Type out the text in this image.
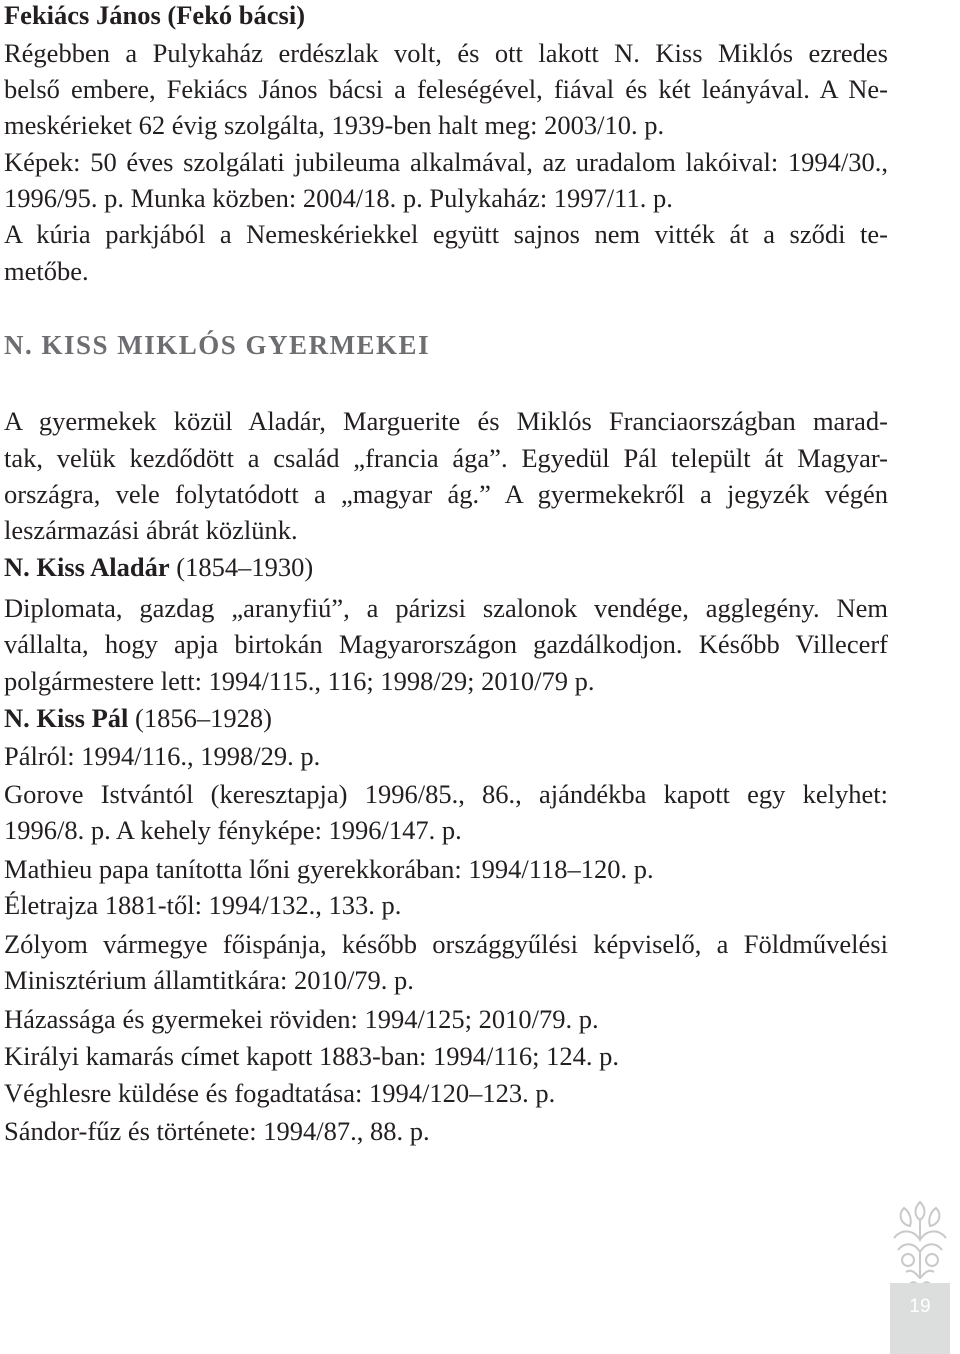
Fekiács János (Fekó bácsi)
Régebben a Pulykaház erdészlak volt, és ott lakott N. Kiss Miklós ezredes
belső embere, Fekiács János bácsi a feleségével, fiával és két leányával. A Ne-
meskérieket 62 évig szolgálta, 1939-ben halt meg: 2003/10. p.
Képek: 50 éves szolgálati jubileuma alkalmával, az uradalom lakóival: 1994/30.,
1996/95. p. Munka közben: 2004/18. p. Pulykaház: 1997/11. p.
A kúria parkjából a Nemeskériekkel együtt sajnos nem vitték át a sződi te-
metőbe.
N. KISS MIKLÓS GYERMEKEI
A gyermekek közül Aladár, Marguerite és Miklós Franciaországban marad-
tak, velük kezdődött a család „francia ága”. Egyedül Pál települt át Magyar-
országra, vele folytatódott a „magyar ág.” A gyermekekről a jegyzék végén
leszármazási ábrát közlünk.
N. Kiss Aladár (1854–1930)
Diplomata, gazdag „aranyfiú”, a párizsi szalonok vendége, agglegény. Nem
vállalta, hogy apja birtokán Magyarországon gazdálkodjon. Később Villecerf
polgármestere lett: 1994/115., 116; 1998/29; 2010/79 p.
N. Kiss Pál (1856–1928)
Pálról: 1994/116., 1998/29. p.
Gorove Istvántól (keresztapja) 1996/85., 86., ajándékba kapott egy kelyhet:
1996/8. p. A kehely fényképe: 1996/147. p.
Mathieu papa tanította lőni gyerekkorában: 1994/118–120. p.
Életrajza 1881-től: 1994/132., 133. p.
Zólyom vármegye főispánja, később országgyűlési képviselő, a Földművelési
Minisztérium államtitkára: 2010/79. p.
Házassága és gyermekei röviden: 1994/125; 2010/79. p.
Királyi kamarás címet kapott 1883-ban: 1994/116; 124. p.
Véghlesre küldése és fogadtatása: 1994/120–123. p.
Sándor-fűz és története: 1994/87., 88. p.
19
